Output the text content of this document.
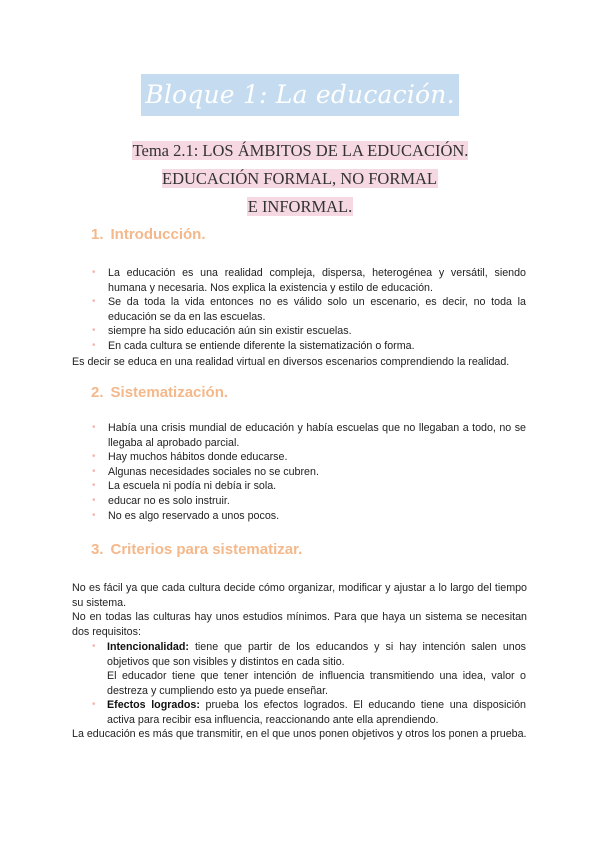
Bloque 1: La educación.
Tema 2.1: LOS ÁMBITOS DE LA EDUCACIÓN. EDUCACIÓN FORMAL, NO FORMAL
E INFORMAL.
1. Introducción.
• La educación es una realidad compleja, dispersa, heterogénea y versátil, siendo humana y necesaria. Nos explica la existencia y estilo de educación.
• Se da toda la vida entonces no es válido solo un escenario, es decir, no toda la educación se da en las escuelas.
• siempre ha sido educación aún sin existir escuelas.
• En cada cultura se entiende diferente la sistematización o forma.

Es decir se educa en una realidad virtual en diversos escenarios comprendiendo la realidad.

2. Sistematización.
• Había una crisis mundial de educación y había escuelas que no llegaban a todo, no se llegaba al aprobado parcial.
• Hay muchos hábitos donde educarse.
• Algunas necesidades sociales no se cubren.
• La escuela ni podía ni debía ir sola.
• educar no es solo instruir.
• No es algo reservado a unos pocos.
3. Criterios para sistematizar.

No es fácil ya que cada cultura decide cómo organizar, modificar y ajustar a lo largo del tiempo su sistema.

No en todas las culturas hay unos estudios mínimos. Para que haya un sistema se necesitan dos requisitos:

• Intencionalidad: tiene que partir de los educandos y si hay intención salen unos objetivos que son visibles y distintos en cada sitio.
El educador tiene que tener intención de influencia transmitiendo una idea, valor o destreza y cumpliendo esto ya puede enseñar.
• Efectos logrados: prueba los efectos logrados. El educando tiene una disposición activa para recibir esa influencia, reaccionando ante ella aprendiendo.

La educación es más que transmitir, en el que unos ponen objetivos y otros los ponen a prueba.
